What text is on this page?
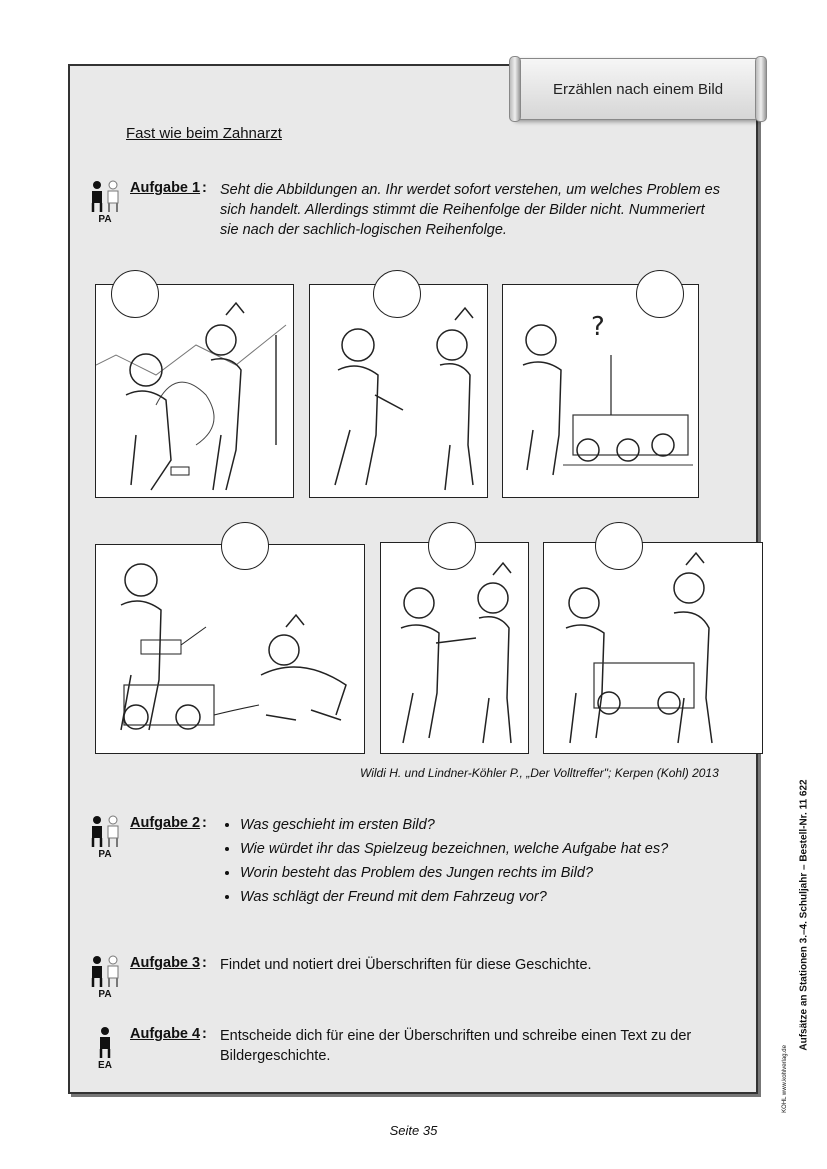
Erzählen nach einem Bild
Fast wie beim Zahnarzt
PA
Aufgabe 1 : Seht die Abbildungen an. Ihr werdet sofort verstehen, um welches Problem es sich handelt. Allerdings stimmt die Reihenfolge der Bilder nicht. Nummeriert sie nach der sachlich-logischen Reihenfolge.
?
Wildi H. und Lindner-Köhler P., „Der Volltreffer"; Kerpen (Kohl) 2013
PA
Aufgabe 2 :
• Was geschieht im ersten Bild?
• Wie würdet ihr das Spielzeug bezeichnen, welche Aufgabe hat es?
• Worin besteht das Problem des Jungen rechts im Bild?
• Was schlägt der Freund mit dem Fahrzeug vor?
PA
Aufgabe 3 : Findet und notiert drei Überschriften für diese Geschichte.
EA
Aufgabe 4 : Entscheide dich für eine der Überschriften und schreibe einen Text zu der Bildergeschichte.
Aufsätze an Stationen 3.–4. Schuljahr – Bestell-Nr. 11 622
KOHL www.kohlverlag.de
Seite 35
